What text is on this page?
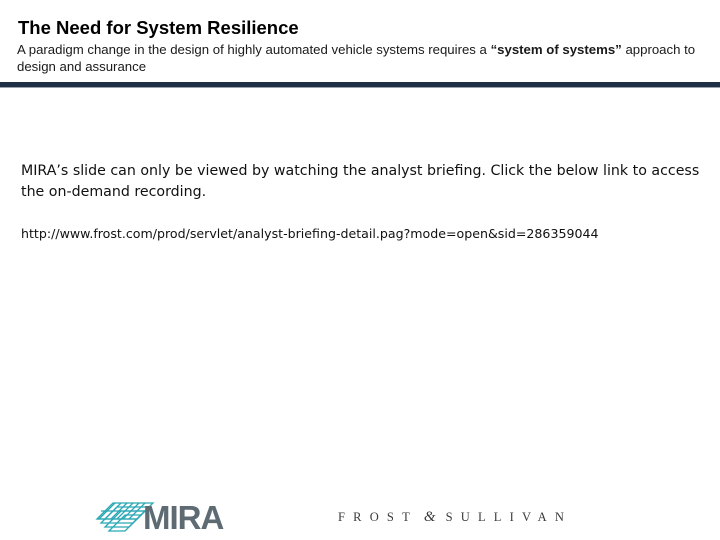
The Need for System Resilience
A paradigm change in the design of highly automated vehicle systems requires a “system of systems” approach to design and assurance
MIRA’s slide can only be viewed by watching the analyst briefing. Click the below link to access the on-demand recording.
http://www.frost.com/prod/servlet/analyst-briefing-detail.pag?mode=open&sid=286359044
MIRA	FROST & SULLIVAN
